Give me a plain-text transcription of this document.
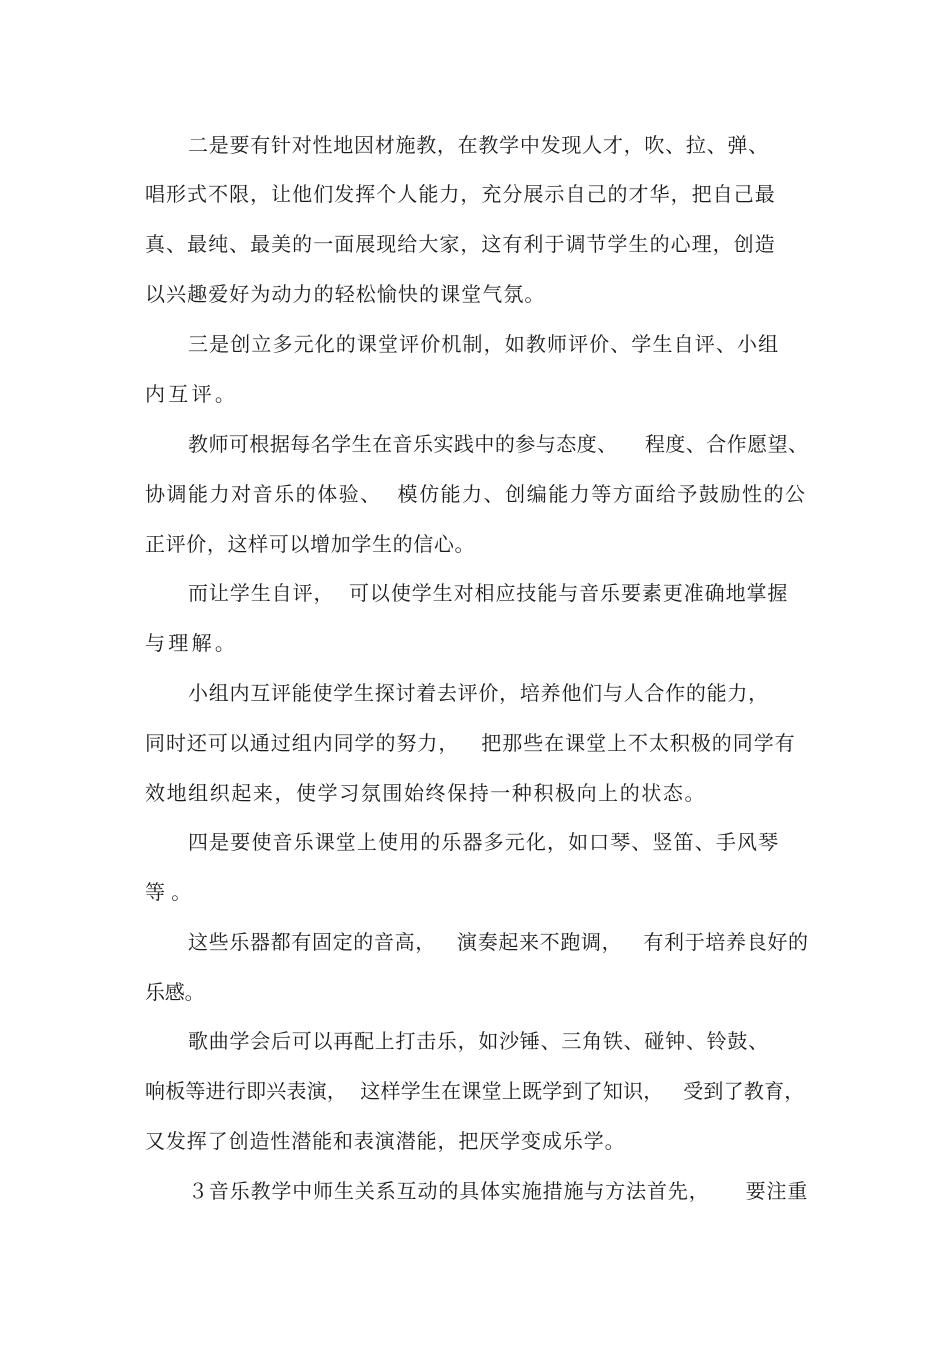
二是要有针对性地因材施教，在教学中发现人才，吹、拉、弹、
唱形式不限，让他们发挥个人能力，充分展示自己的才华，把自己最
真、最纯、最美的一面展现给大家，这有利于调节学生的心理，创造
以兴趣爱好为动力的轻松愉快的课堂气氛。
三是创立多元化的课堂评价机制，如教师评价、学生自评、小组
内互评。
教师可根据每名学生在音乐实践中的参与态度、    程度、合作愿望、
协调能力对音乐的体验、  模仿能力、创编能力等方面给予鼓励性的公
正评价，这样可以增加学生的信心。
而让学生自评，  可以使学生对相应技能与音乐要素更准确地掌握
与理解。
小组内互评能使学生探讨着去评价，培养他们与人合作的能力，
同时还可以通过组内同学的努力，   把那些在课堂上不太积极的同学有
效地组织起来，使学习氛围始终保持一种积极向上的状态。
四是要使音乐课堂上使用的乐器多元化，如口琴、竖笛、手风琴
等。
这些乐器都有固定的音高，   演奏起来不跑调，   有利于培养良好的
乐感。
歌曲学会后可以再配上打击乐，如沙锤、三角铁、碰钟、铃鼓、
响板等进行即兴表演，  这样学生在课堂上既学到了知识，   受到了教育，
又发挥了创造性潜能和表演潜能，把厌学变成乐学。
３音乐教学中师生关系互动的具体实施措施与方法首先，     要注重
